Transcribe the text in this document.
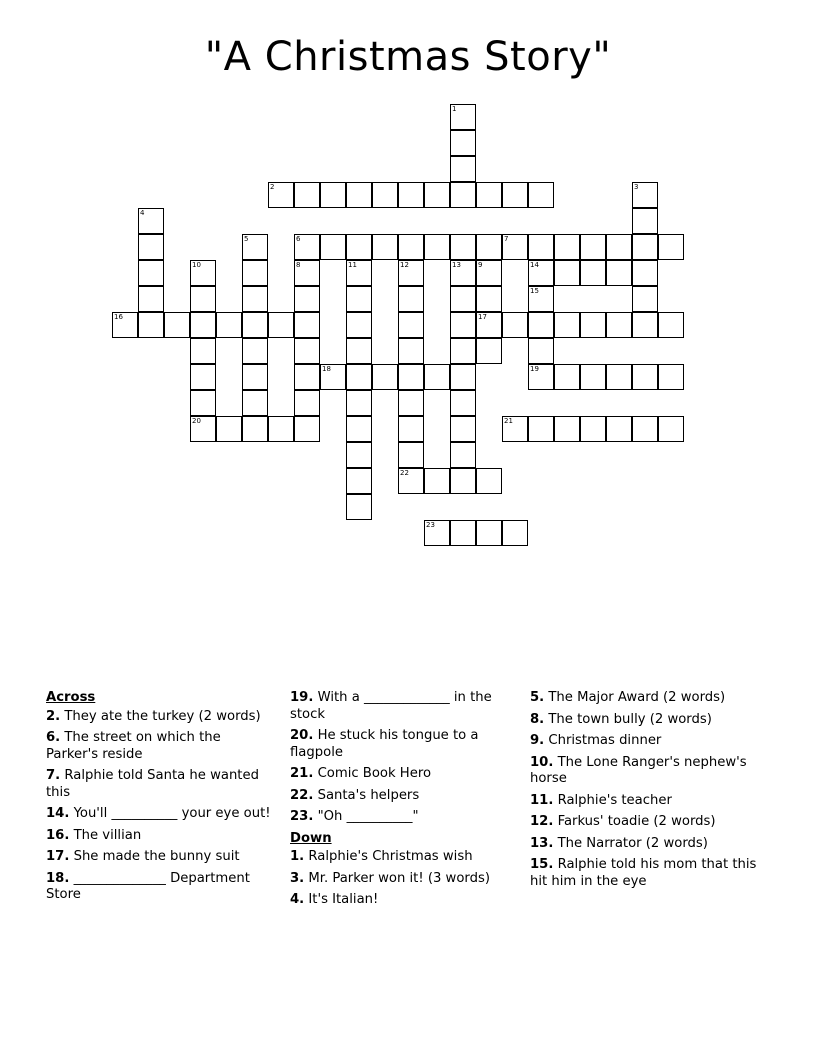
"A Christmas Story"
1
2	3
4
5	6	7
8	9
17
10
20
11	12	13	14
15
16
18	19
21
22
23
Across
2. They ate the turkey (2 words)
6. The street on which the Parker's reside
7. Ralphie told Santa he wanted this
14. You'll __________ your eye out!
16. The villian
17. She made the bunny suit
18. ______________ Department Store
19. With a _____________ in the stock
20. He stuck his tongue to a flagpole
21. Comic Book Hero
22. Santa's helpers
23. "Oh __________"
Down
1. Ralphie's Christmas wish
3. Mr. Parker won it! (3 words)
4. It's Italian!
5. The Major Award (2 words)
8. The town bully (2 words)
9. Christmas dinner
10. The Lone Ranger's nephew's horse
11. Ralphie's teacher
12. Farkus' toadie (2 words)
13. The Narrator (2 words)
15. Ralphie told his mom that this hit him in the eye
